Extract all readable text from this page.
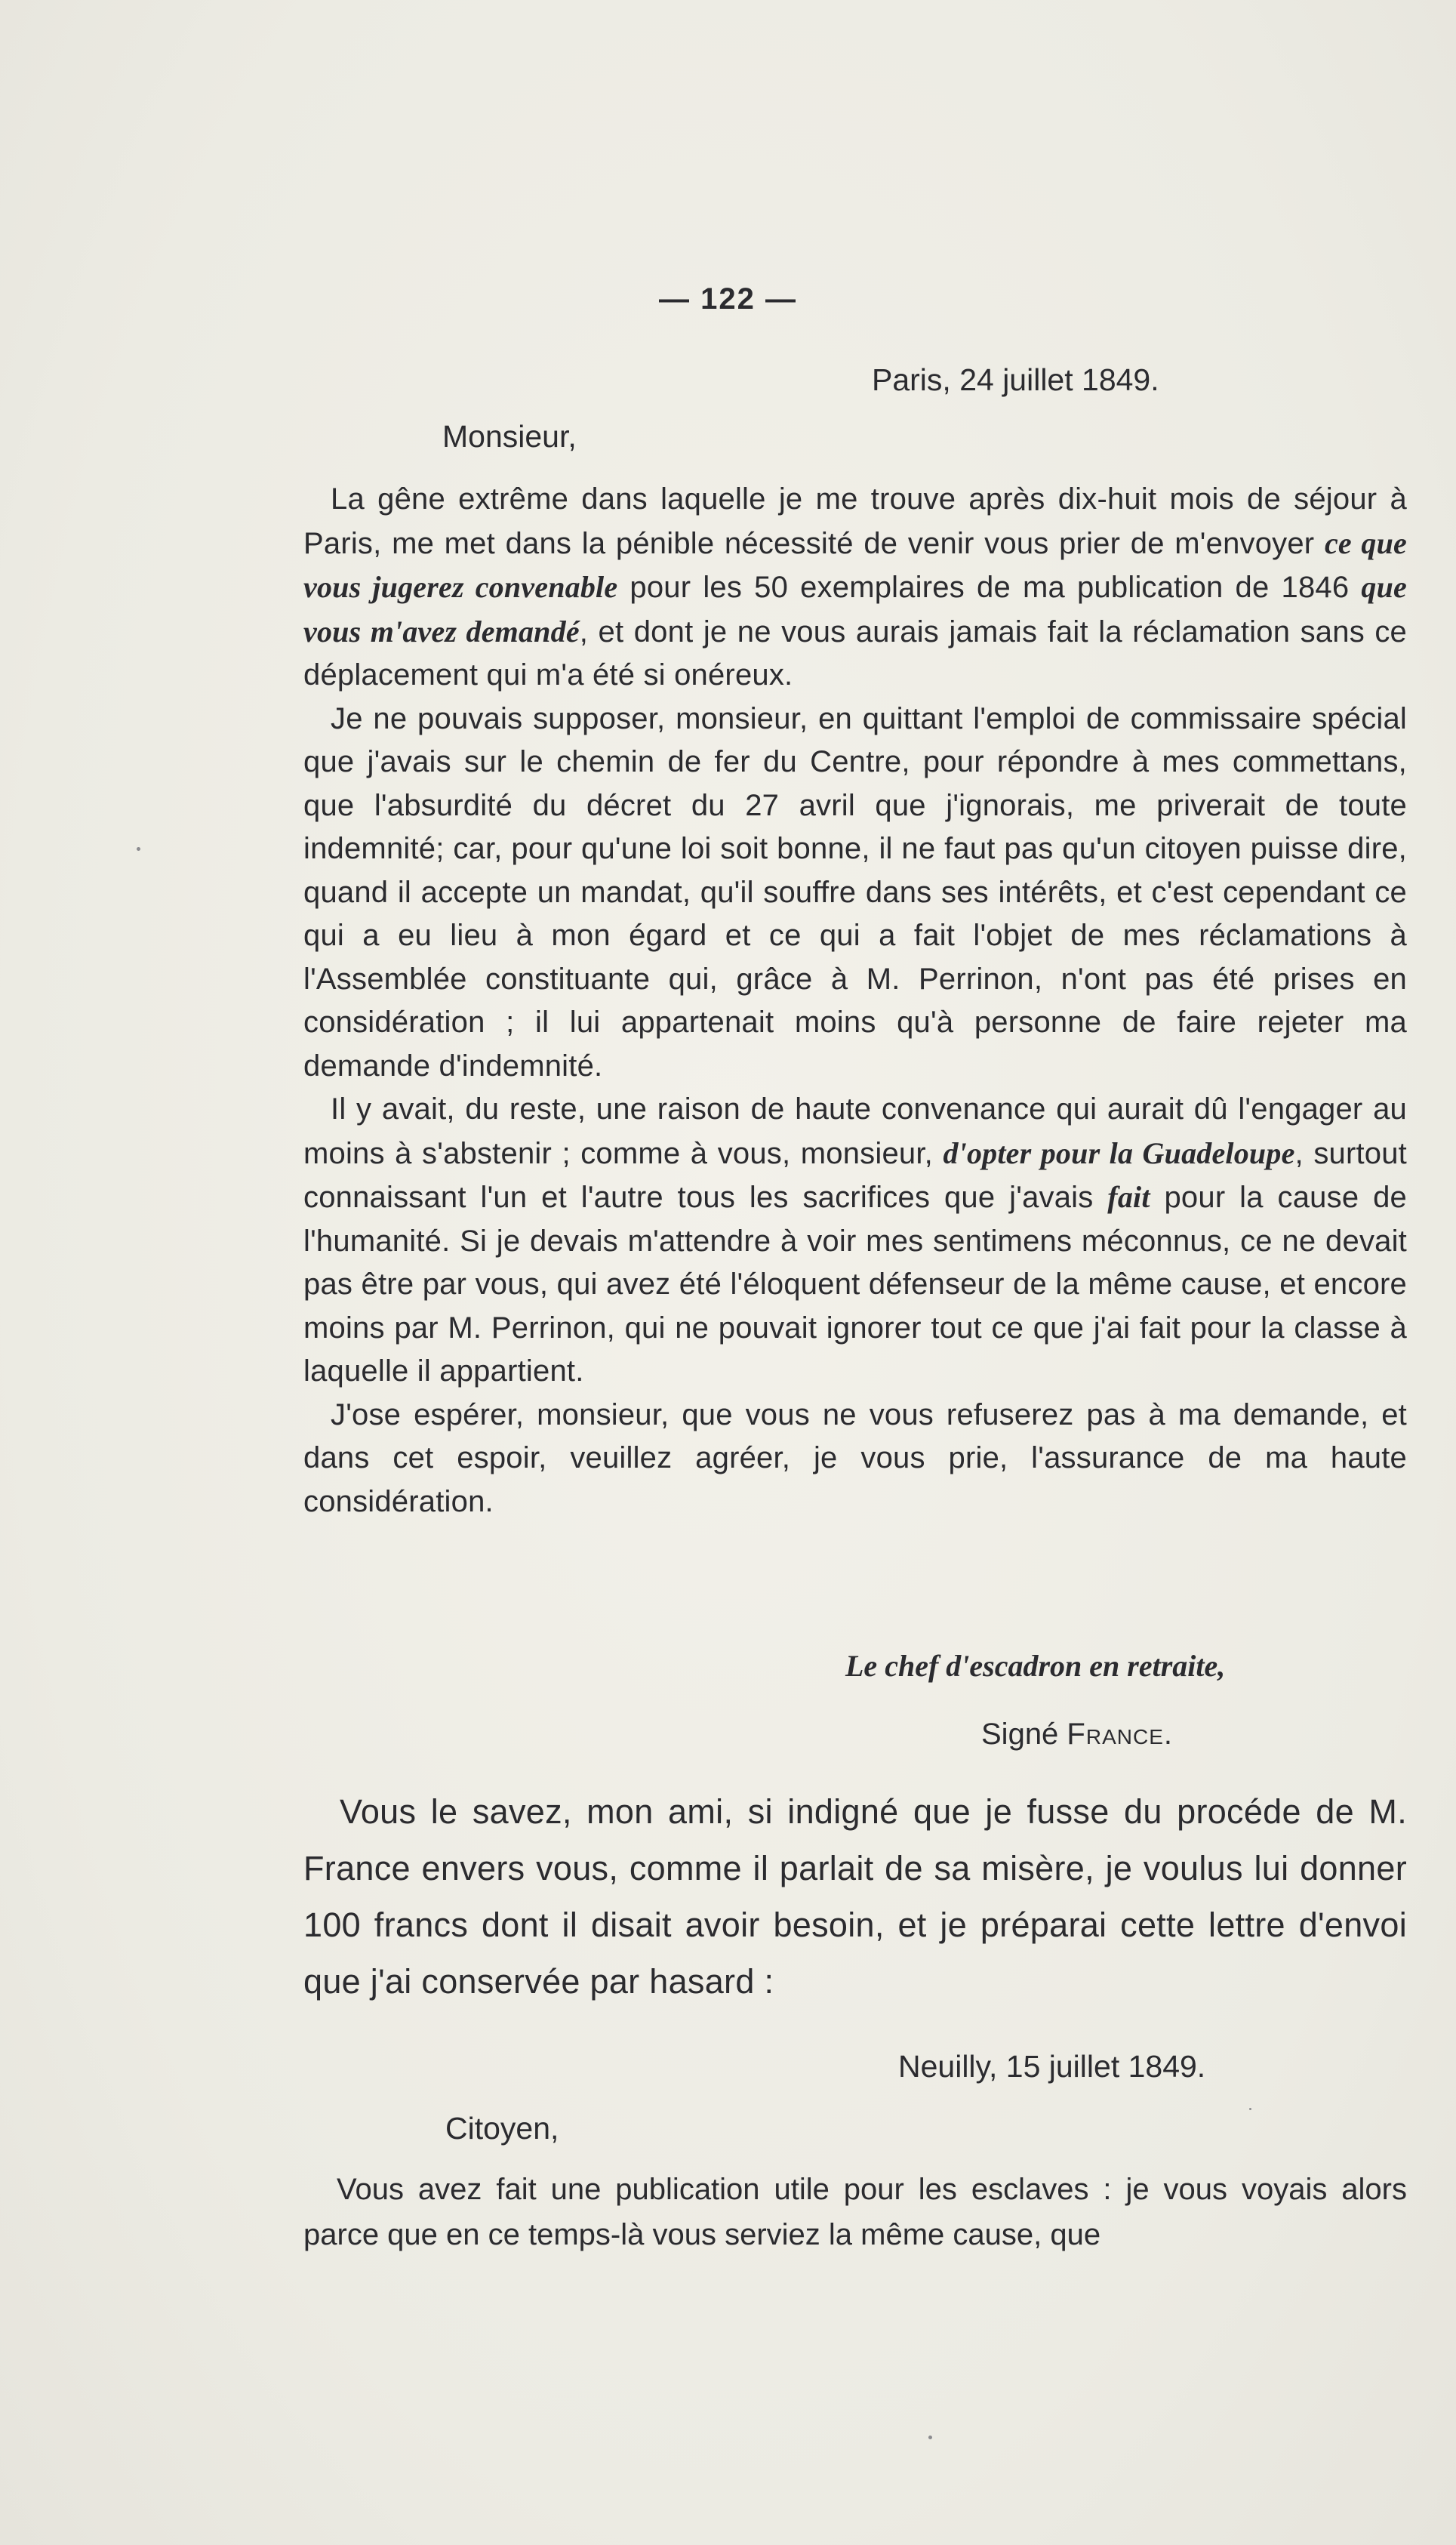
— 122 —
Paris, 24 juillet 1849.
Monsieur,

La gêne extrême dans laquelle je me trouve après dix-huit mois de séjour à Paris, me met dans la pénible nécessité de venir vous prier de m'envoyer ce que vous jugerez convenable pour les 50 exemplaires de ma publication de 1846 que vous m'avez demandé, et dont je ne vous aurais jamais fait la réclamation sans ce déplacement qui m'a été si onéreux.

Je ne pouvais supposer, monsieur, en quittant l'emploi de commissaire spécial que j'avais sur le chemin de fer du Centre, pour répondre à mes commettans, que l'absurdité du décret du 27 avril que j'ignorais, me priverait de toute indemnité; car, pour qu'une loi soit bonne, il ne faut pas qu'un citoyen puisse dire, quand il accepte un mandat, qu'il souffre dans ses intérêts, et c'est cependant ce qui a eu lieu à mon égard et ce qui a fait l'objet de mes réclamations à l'Assemblée constituante qui, grâce à M. Perrinon, n'ont pas été prises en considération ; il lui appartenait moins qu'à personne de faire rejeter ma demande d'indemnité.

Il y avait, du reste, une raison de haute convenance qui aurait dû l'engager au moins à s'abstenir ; comme à vous, monsieur, d'opter pour la Guadeloupe, surtout connaissant l'un et l'autre tous les sacrifices que j'avais fait pour la cause de l'humanité. Si je devais m'attendre à voir mes sentimens méconnus, ce ne devait pas être par vous, qui avez été l'éloquent défenseur de la même cause, et encore moins par M. Perrinon, qui ne pouvait ignorer tout ce que j'ai fait pour la classe à laquelle il appartient.

J'ose espérer, monsieur, que vous ne vous refuserez pas à ma demande, et dans cet espoir, veuillez agréer, je vous prie, l'assurance de ma haute considération.

Le chef d'escadron en retraite,
Signé France.
Vous le savez, mon ami, si indigné que je fusse du procéde de M. France envers vous, comme il parlait de sa misère, je voulus lui donner 100 francs dont il disait avoir besoin, et je préparai cette lettre d'envoi que j'ai conservée par hasard :
Neuilly, 15 juillet 1849.
Citoyen,
Vous avez fait une publication utile pour les esclaves : je vous voyais alors parce que en ce temps-là vous serviez la même cause, que
